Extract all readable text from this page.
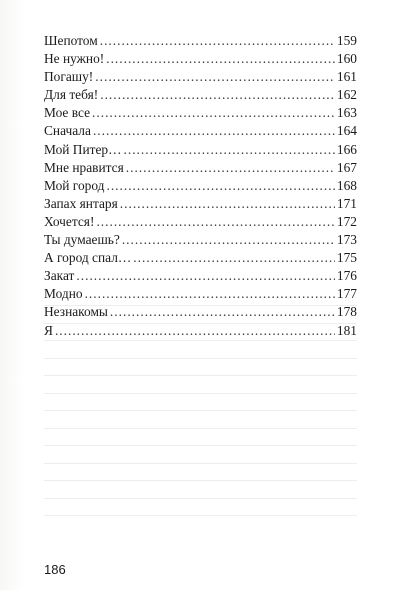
Шепотом .....	159
Не нужно! .....	160
Погашу! .....	161
Для тебя! .....	162
Мое все .....	163
Сначала .....	164
Мой Питер… .....	166
Мне нравится .....	167
Мой город .....	168
Запах янтаря .....	171
Хочется! .....	172
Ты думаешь? .....	173
А город спал… .....	175
Закат .....	176
Модно .....	177
Незнакомы .....	178
Я .....	181
186
